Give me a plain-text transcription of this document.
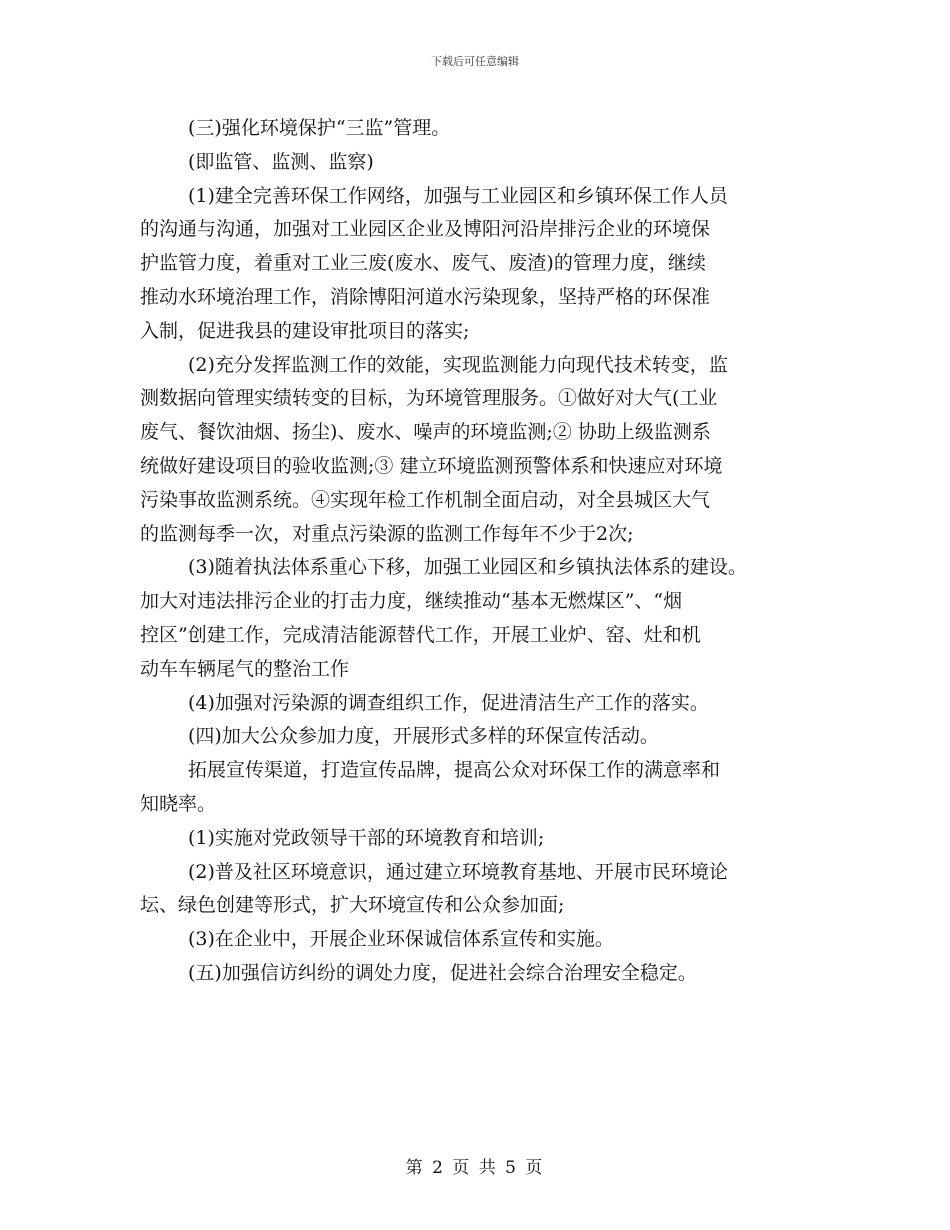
下载后可任意编辑
(三)强化环境保护“三监”管理。
(即监管、监测、监察)
(1)建全完善环保工作网络，加强与工业园区和乡镇环保工作人员
的沟通与沟通，加强对工业园区企业及博阳河沿岸排污企业的环境保
护监管力度，着重对工业三废(废水、废气、废渣)的管理力度，继续
推动水环境治理工作，消除博阳河道水污染现象，坚持严格的环保准
入制，促进我县的建设审批项目的落实;
(2)充分发挥监测工作的效能，实现监测能力向现代技术转变，监
测数据向管理实绩转变的目标，为环境管理服务。①做好对大气(工业
废气、餐饮油烟、扬尘)、废水、噪声的环境监测;② 协助上级监测系
统做好建设项目的验收监测;③ 建立环境监测预警体系和快速应对环境
污染事故监测系统。④实现年检工作机制全面启动，对全县城区大气
的监测每季一次，对重点污染源的监测工作每年不少于2次;
(3)随着执法体系重心下移，加强工业园区和乡镇执法体系的建设。
加大对违法排污企业的打击力度，继续推动“基本无燃煤区”、“烟
控区”创建工作，完成清洁能源替代工作，开展工业炉、窑、灶和机
动车车辆尾气的整治工作
(4)加强对污染源的调查组织工作，促进清洁生产工作的落实。
(四)加大公众参加力度，开展形式多样的环保宣传活动。
拓展宣传渠道，打造宣传品牌，提高公众对环保工作的满意率和
知晓率。
(1)实施对党政领导干部的环境教育和培训;
(2)普及社区环境意识，通过建立环境教育基地、开展市民环境论
坛、绿色创建等形式，扩大环境宣传和公众参加面;
(3)在企业中，开展企业环保诚信体系宣传和实施。
(五)加强信访纠纷的调处力度，促进社会综合治理安全稳定。
第 2 页 共 5 页
